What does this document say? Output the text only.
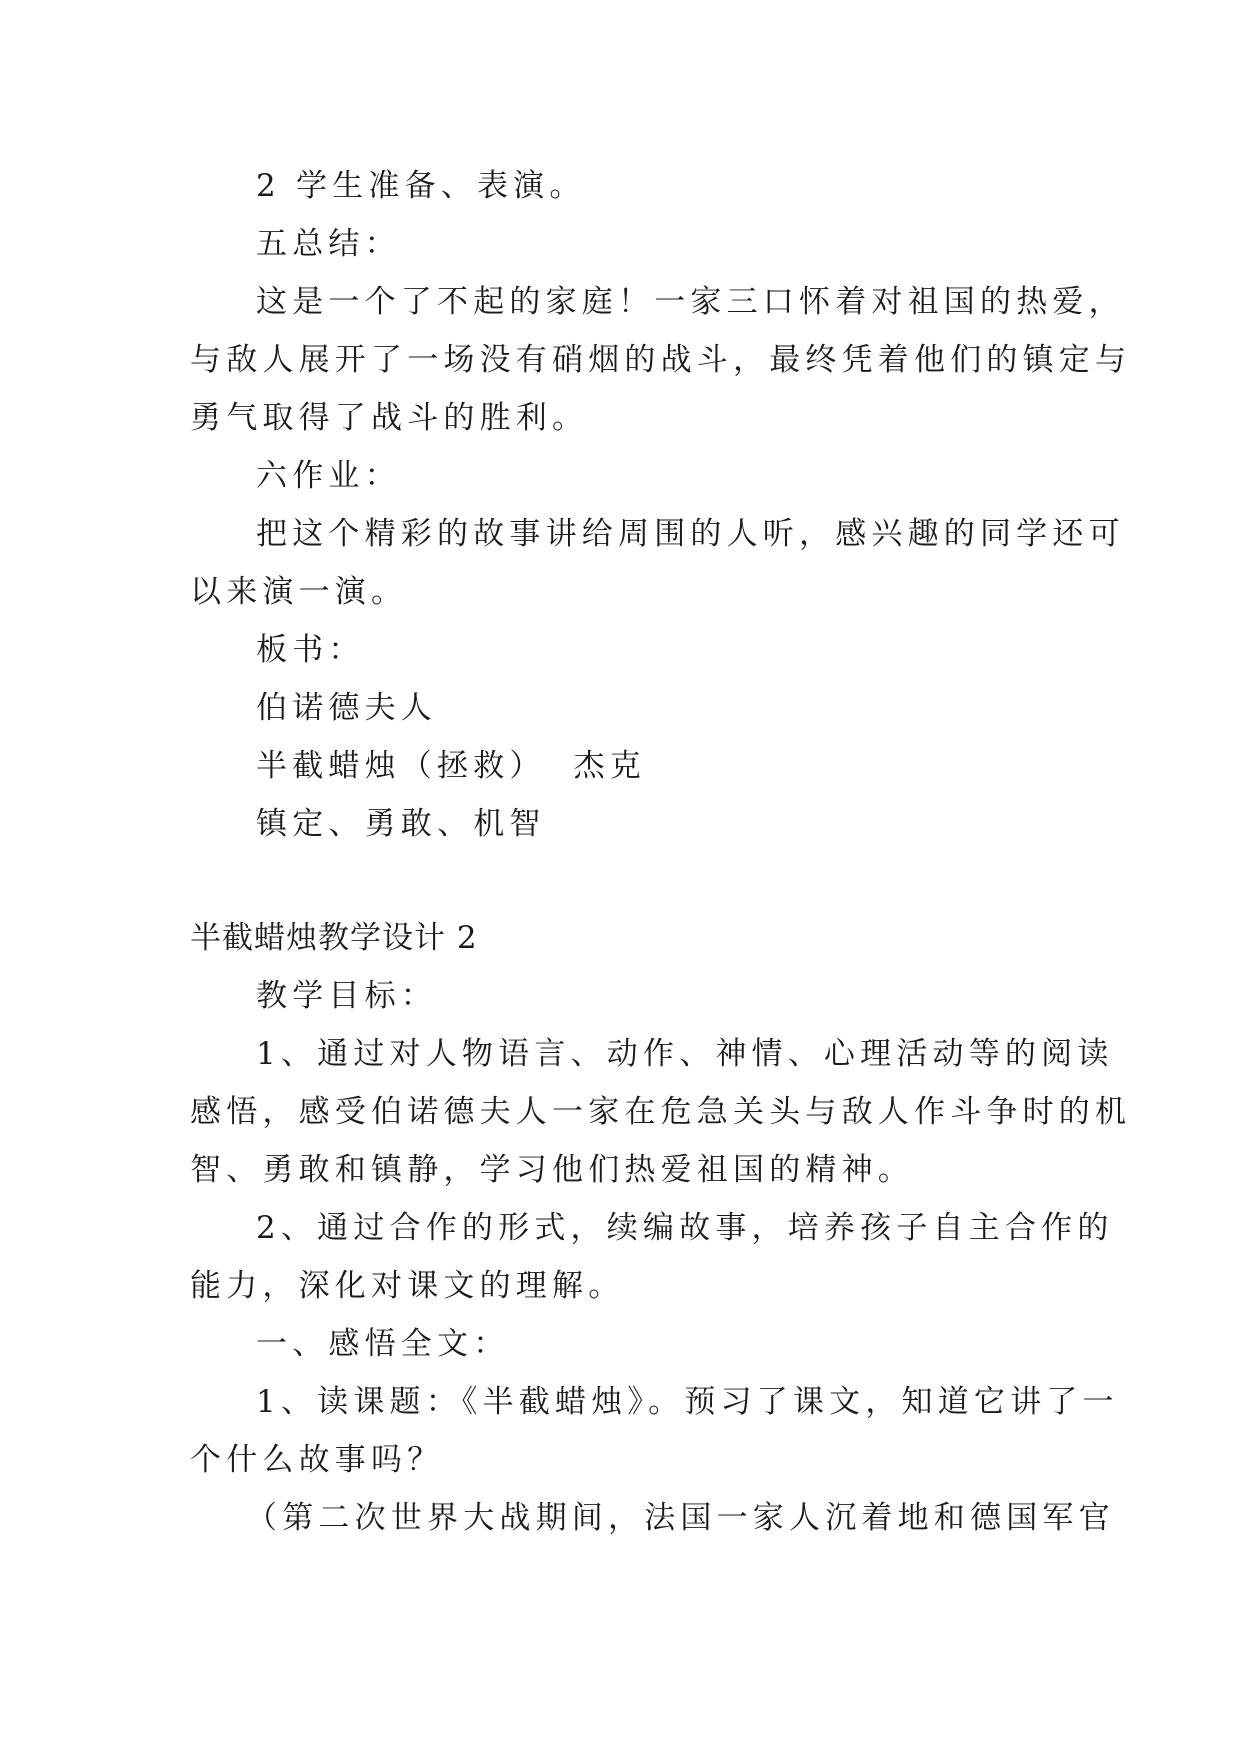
2 学生准备、表演。
五总结：
这是一个了不起的家庭！一家三口怀着对祖国的热爱，
与敌人展开了一场没有硝烟的战斗，最终凭着他们的镇定与
勇气取得了战斗的胜利。
六作业：
把这个精彩的故事讲给周围的人听，感兴趣的同学还可
以来演一演。
板书：
伯诺德夫人
半截蜡烛（拯救） 杰克
镇定、勇敢、机智
半截蜡烛教学设计 2
教学目标：
1、通过对人物语言、动作、神情、心理活动等的阅读
感悟，感受伯诺德夫人一家在危急关头与敌人作斗争时的机
智、勇敢和镇静，学习他们热爱祖国的精神。
2、通过合作的形式，续编故事，培养孩子自主合作的
能力，深化对课文的理解。
一、感悟全文：
1、读课题：《半截蜡烛》。预习了课文，知道它讲了一
个什么故事吗？
（第二次世界大战期间，法国一家人沉着地和德国军官
